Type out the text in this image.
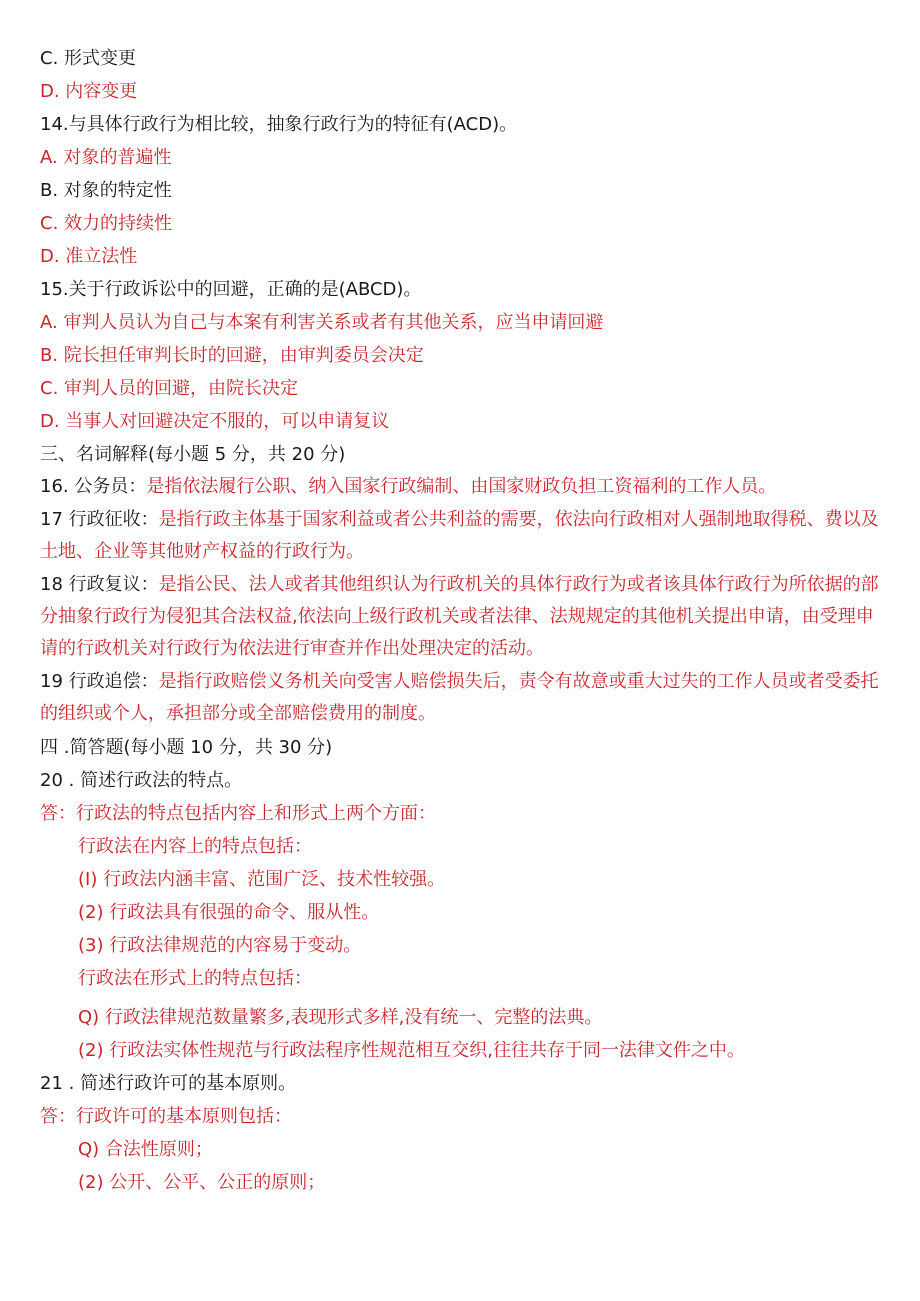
C. 形式变更
D. 内容变更
14.与具体行政行为相比较，抽象行政行为的特征有(ACD)。
A. 对象的普遍性
B. 对象的特定性
C. 效力的持续性
D. 准立法性
15.关于行政诉讼中的回避，正确的是(ABCD)。
A. 审判人员认为自己与本案有利害关系或者有其他关系，应当申请回避
B. 院长担任审判长时的回避，由审判委员会决定
C. 审判人员的回避，由院长决定
D. 当事人对回避决定不服的，可以申请复议
三、名词解释(每小题 5 分，共 20 分)
16. 公务员：是指依法履行公职、纳入国家行政编制、由国家财政负担工资福利的工作人员。
17 行政征收：是指行政主体基于国家利益或者公共利益的需要，依法向行政相对人强制地取得税、费以及土地、企业等其他财产权益的行政行为。
18 行政复议：是指公民、法人或者其他组织认为行政机关的具体行政行为或者该具体行政行为所依据的部分抽象行政行为侵犯其合法权益,依法向上级行政机关或者法律、法规规定的其他机关提出申请，由受理申请的行政机关对行政行为依法进行审查并作出处理决定的活动。
19 行政追偿：是指行政赔偿义务机关向受害人赔偿损失后，责令有故意或重大过失的工作人员或者受委托的组织或个人，承担部分或全部赔偿费用的制度。
四 .简答题(每小题 10 分，共 30 分)
20 . 简述行政法的特点。
答：行政法的特点包括内容上和形式上两个方面：
行政法在内容上的特点包括：
(I) 行政法内涵丰富、范围广泛、技术性较强。
(2) 行政法具有很强的命令、服从性。
(3) 行政法律规范的内容易于变动。
行政法在形式上的特点包括：
Q) 行政法律规范数量繁多,表现形式多样,没有统一、完整的法典。
(2) 行政法实体性规范与行政法程序性规范相互交织,往往共存于同一法律文件之中。
21 . 简述行政许可的基本原则。
答：行政许可的基本原则包括：
Q) 合法性原则；
(2) 公开、公平、公正的原则；
